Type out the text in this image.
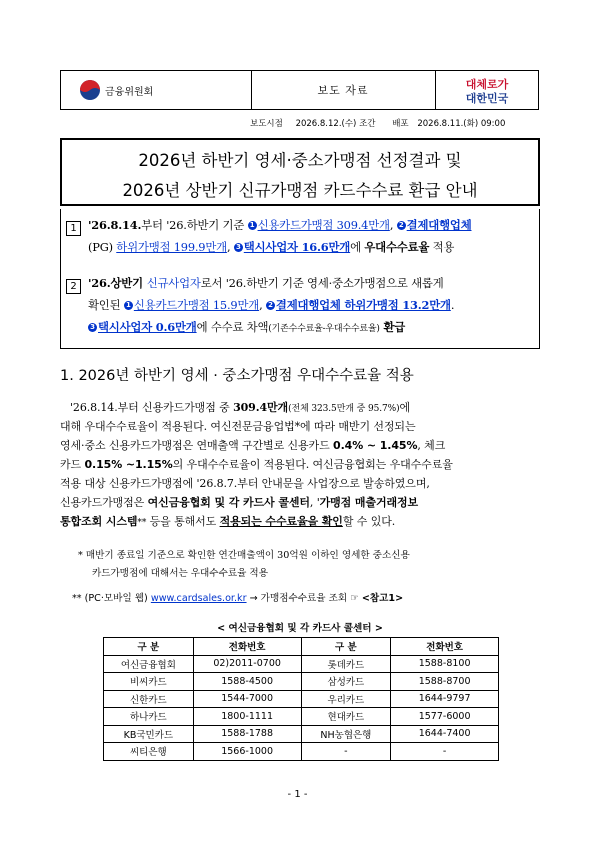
금융위원회	보도 자료	대체로가
대한민국
보도시점 2026.8.12.(수) 조간 배포 2026.8.11.(화) 09:00
2026년 하반기 영세·중소가맹점 선정결과 및
2026년 상반기 신규가맹점 카드수수료 환급 안내
1 '26.8.14.부터 '26.하반기 기준 1 신용카드가맹점 309.4만개, 2 결제대행업체
(PG) 하위가맹점 199.9만개, 3 택시사업자 16.6만개에 우대수수료율 적용
2 '26.상반기 신규사업자로서 '26.하반기 기준 영세·중소가맹점으로 새롭게
확인된 1 신용카드가맹점 15.9만개, 2 결제대행업체 하위가맹점 13.2만개.
3 택시사업자 0.6만개에 수수료 차액(기존수수료율-우대수수료율) 환급
1. 2026년 하반기 영세 · 중소가맹점 우대수수료율 적용
'26.8.14.부터 신용카드가맹점 중 309.4만개(전체 323.5만개 중 95.7%)에
대해 우대수수료율이 적용된다. 여신전문금융업법*에 따라 매반기 선정되는
영세·중소 신용카드가맹점은 연매출액 구간별로 신용카드 0.4% ~ 1.45%, 체크
카드 0.15% ~1.15%의 우대수수료율이 적용된다. 여신금융협회는 우대수수료율
적용 대상 신용카드가맹점에 '26.8.7.부터 안내문을 사업장으로 발송하였으며,
신용카드가맹점은 여신금융협회 및 각 카드사 콜센터, '가맹점 매출거래정보
통합조회 시스템** 등을 통해서도 적용되는 수수료율을 확인할 수 있다.
* 매반기 종료일 기준으로 확인한 연간매출액이 30억원 이하인 영세한 중소신용
카드가맹점에 대해서는 우대수수료율 적용
** (PC·모바일 웹) www.cardsales.or.kr → 가맹점수수료율 조회 ☞ <참고1>
< 여신금융협회 및 각 카드사 콜센터 >
구 분	전화번호	구 분	전화번호
여신금융협회	02)2011-0700	롯데카드	1588-8100
비씨카드	1588-4500	삼성카드	1588-8700
신한카드	1544-7000	우리카드	1644-9797
하나카드	1800-1111	현대카드	1577-6000
KB국민카드	1588-1788	NH농협은행	1644-7400
씨티은행	1566-1000	-	-
- 1 -
